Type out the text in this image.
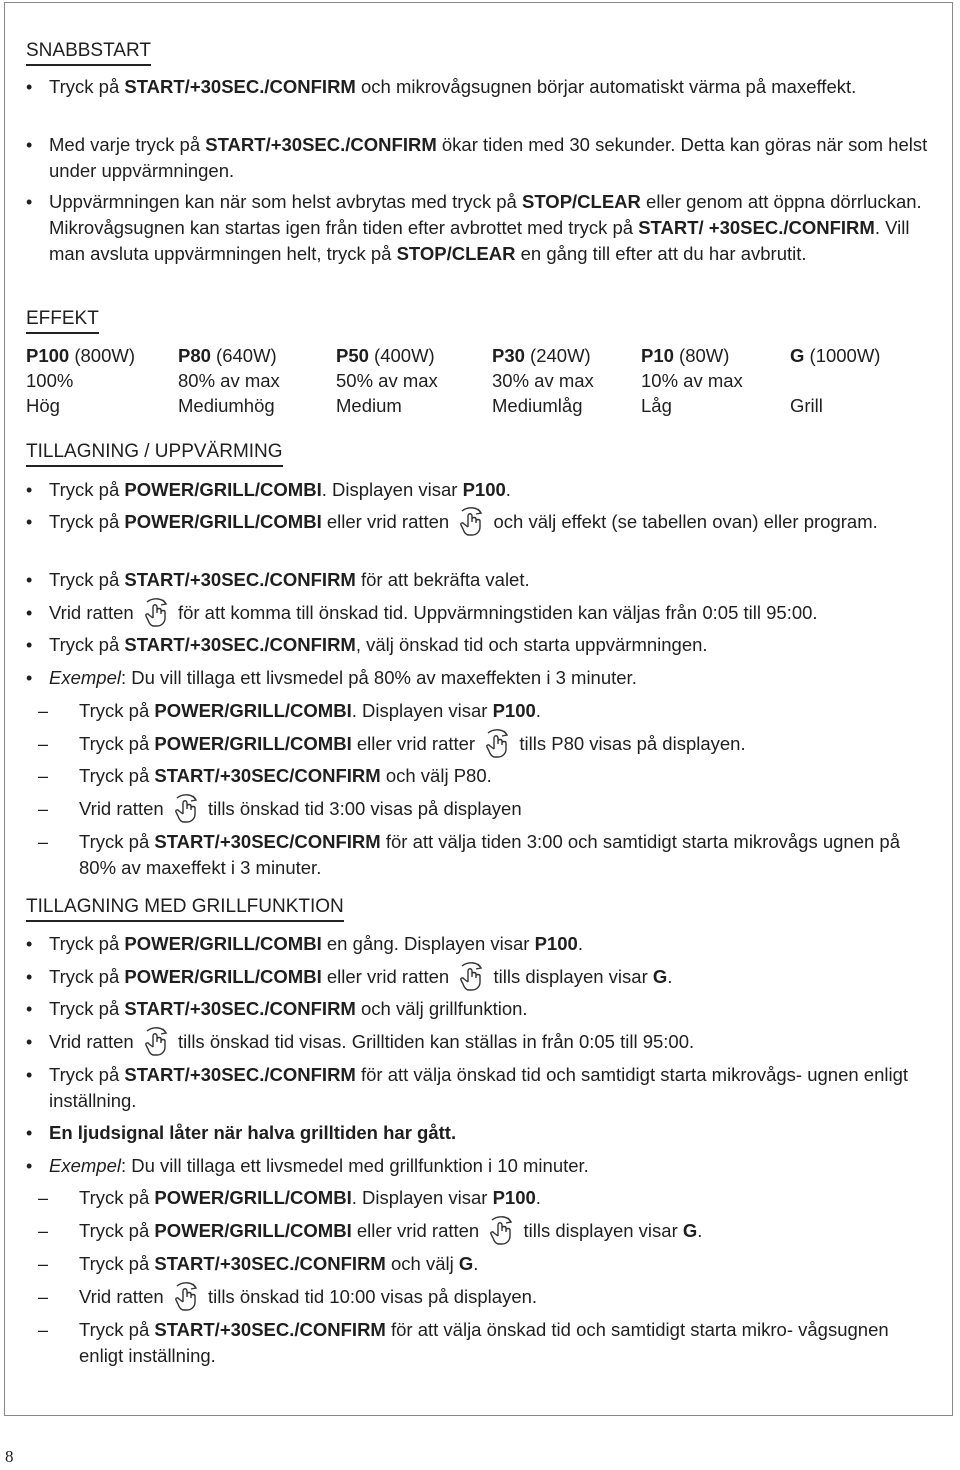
SNABBSTART
• Tryck på START/+30SEC./CONFIRM och mikrovågsugnen börjar automatiskt värma på maxeffekt.
• Med varje tryck på START/+30SEC./CONFIRM ökar tiden med 30 sekunder. Detta kan göras när som helst under uppvärmningen.
• Uppvärmningen kan när som helst avbrytas med tryck på STOP/CLEAR eller genom att öppna dörrluckan. Mikrovågsugnen kan startas igen från tiden efter avbrottet med tryck på START/ +30SEC./CONFIRM. Vill man avsluta uppvärmningen helt, tryck på STOP/CLEAR en gång till efter att du har avbrutit.
EFFEKT
P100 (800W)
100%
Hög
P80 (640W)
80% av max
Mediumhög
P50 (400W)
50% av max
Medium
P30 (240W)
30% av max
Mediumlåg
P10 (80W)
10% av max
Låg
G (1000W)
Grill
TILLAGNING / UPPVÄRMING
• Tryck på POWER/GRILL/COMBI. Displayen visar P100.
• Tryck på POWER/GRILL/COMBI eller vrid ratten  och välj effekt (se tabellen ovan) eller program.
• Tryck på START/+30SEC./CONFIRM för att bekräfta valet.
• Vrid ratten  för att komma till önskad tid. Uppvärmningstiden kan väljas från 0:05 till 95:00.
• Tryck på START/+30SEC./CONFIRM, välj önskad tid och starta uppvärmningen.
• Exempel: Du vill tillaga ett livsmedel på 80% av maxeffekten i 3 minuter.
– Tryck på POWER/GRILL/COMBI. Displayen visar P100.
– Tryck på POWER/GRILL/COMBI eller vrid ratter  tills P80 visas på displayen.
– Tryck på START/+30SEC/CONFIRM och välj P80.
– Vrid ratten  tills önskad tid 3:00 visas på displayen
– Tryck på START/+30SEC/CONFIRM för att välja tiden 3:00 och samtidigt starta mikrovågs ugnen på 80% av maxeffekt i 3 minuter.
TILLAGNING MED GRILLFUNKTION
• Tryck på POWER/GRILL/COMBI en gång. Displayen visar P100.
• Tryck på POWER/GRILL/COMBI eller vrid ratten  tills displayen visar G.
• Tryck på START/+30SEC./CONFIRM och välj grillfunktion.
• Vrid ratten  tills önskad tid visas. Grilltiden kan ställas in från 0:05 till 95:00.
• Tryck på START/+30SEC./CONFIRM för att välja önskad tid och samtidigt starta mikrovågs- ugnen enligt inställning.
• En ljudsignal låter när halva grilltiden har gått.
• Exempel: Du vill tillaga ett livsmedel med grillfunktion i 10 minuter.
– Tryck på POWER/GRILL/COMBI. Displayen visar P100.
– Tryck på POWER/GRILL/COMBI eller vrid ratten  tills displayen visar G.
– Tryck på START/+30SEC./CONFIRM och välj G.
– Vrid ratten  tills önskad tid 10:00 visas på displayen.
– Tryck på START/+30SEC./CONFIRM för att välja önskad tid och samtidigt starta mikro- vågsugnen enligt inställning.
8
